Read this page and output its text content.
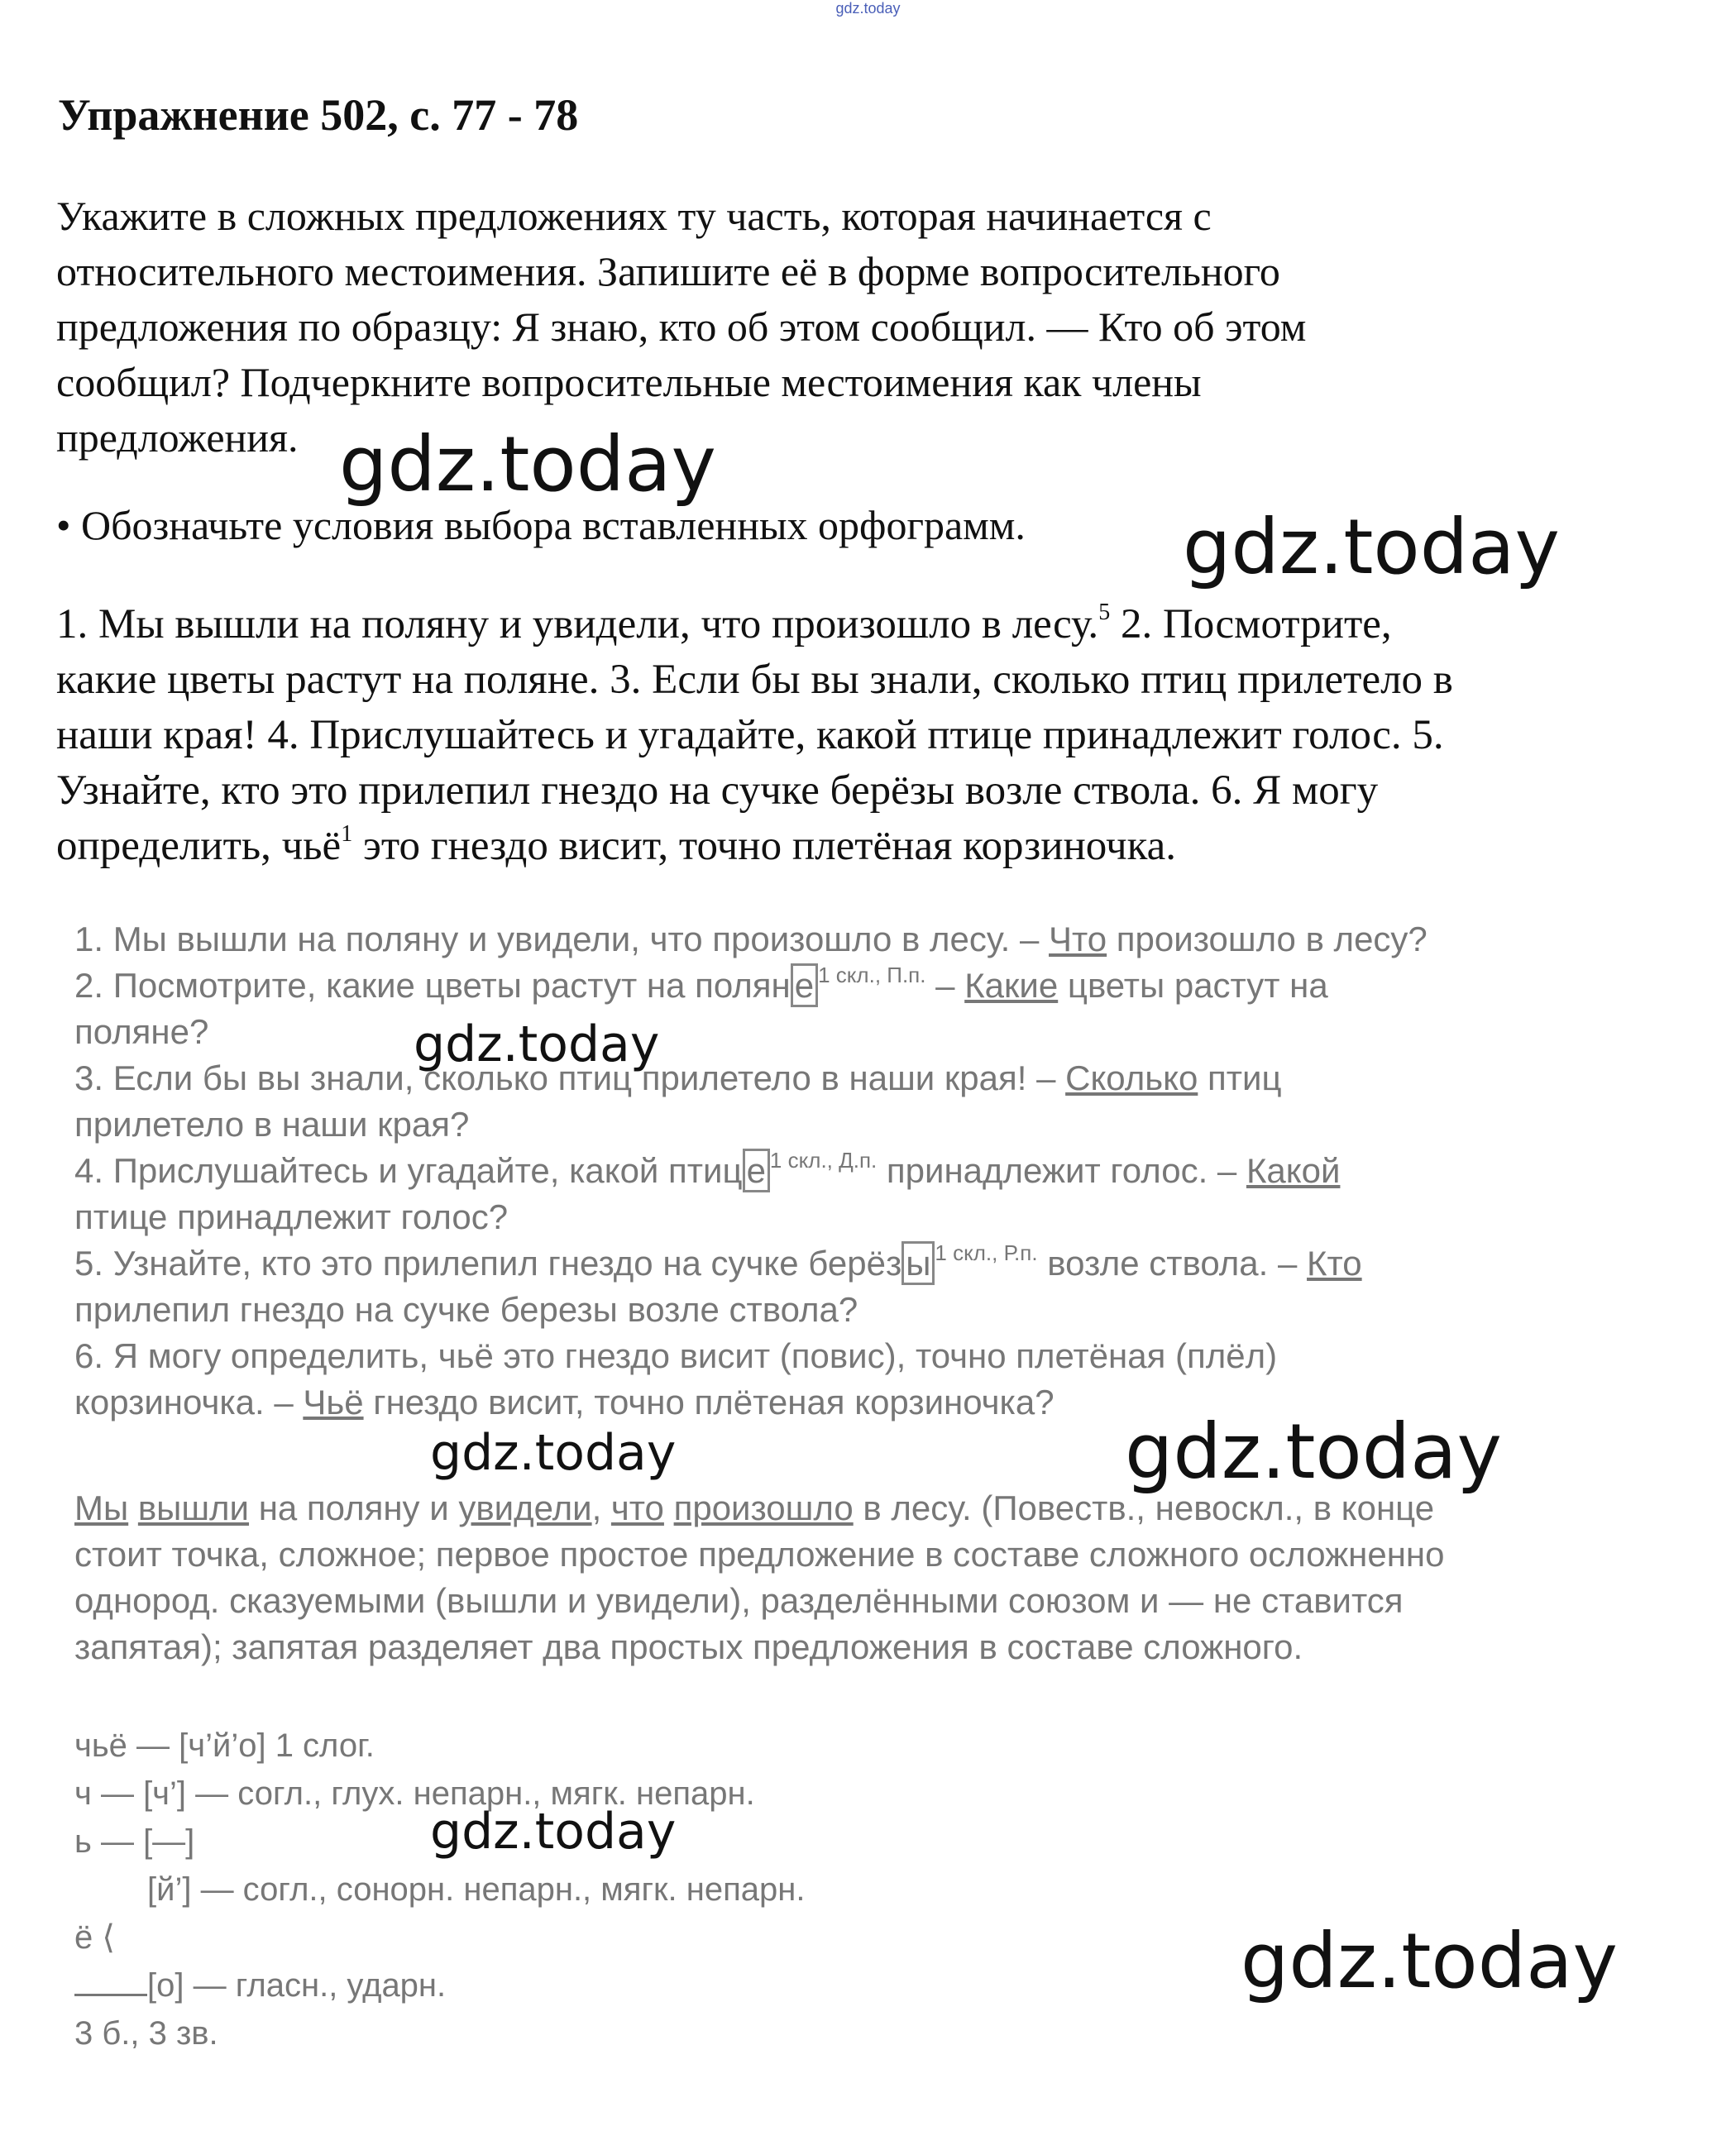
gdz.today
Упражнение 502, с. 77 - 78

Укажите в сложных предложениях ту часть, которая начинается с

относительного местоимения. Запишите её в форме вопросительного

предложения по образцу: Я знаю, кто об этом сообщил. — Кто об этом

сообщил? Подчеркните вопросительные местоимения как члены

предложения. gdz.today
• Обозначьте условия выбора вставленных орфограмм. gdz.today
1. Мы вышли на поляну и увидели, что произошло в лесу.$^5$ 2. Посмотрите,
какие цветы растут на поляне. 3. Если бы вы знали, сколько птиц прилетело в
наши края! 4. Прислушайтесь и угадайте, какой птице принадлежит голос. 5.
Узнайте, кто это прилепил гнездо на сучке берёзы возле ствола. 6. Я могу
определить, чьё$^1$ это гнездо висит, точно плетёная корзиночка.

1. Мы вышли на поляну и увидели, что произошло в лесу. – Что произошло в лесу?

2. Посмотрите, какие цветы растут на полян е $^{1 скл., П.п.}$ – Какие цветы растут на

поляне?

3. Если бы вы знали, сколько птиц прилетело в наши края! – Сколько птиц

прилетело в наши края?

4. Прислушайтесь и угадайте, какой птиц е $^{1 скл., Д.п.}$ принадлежит голос. – Какой

птице принадлежит голос?

5. Узнайте, кто это прилепил гнездо на сучке берёз ы $^{1 скл., Р.п.}$ возле ствола. – Кто

прилепил гнездо на сучке березы возле ствола?

6. Я могу определить, чьё это гнездо висит (повис), точно плетёная (плёл)

корзиночка. – Чьё гнездо висит, точно плётеная корзиночка?

gdz.today
gdz.today	gdz.today

Мы вышли на поляну и увидели, что произошло в лесу. (Повеств., невоскл., в конце

стоит точка, сложное; первое простое предложение в составе сложного осложненно

однород. сказуемыми (вышли и увидели), разделёнными союзом и — не ставится

запятая); запятая разделяет два простых предложения в составе сложного.

чьё — [ч’й’о] 1 слог.

ч — [ч’] — согл., глух. непарн., мягк. непарн.

ь — [—]

[й’] — согл., сонорн. непарн., мягк. непарн.

ё ⟨

[о] — гласн., ударн.

3 б., 3 зв.

gdz.today
gdz.today
